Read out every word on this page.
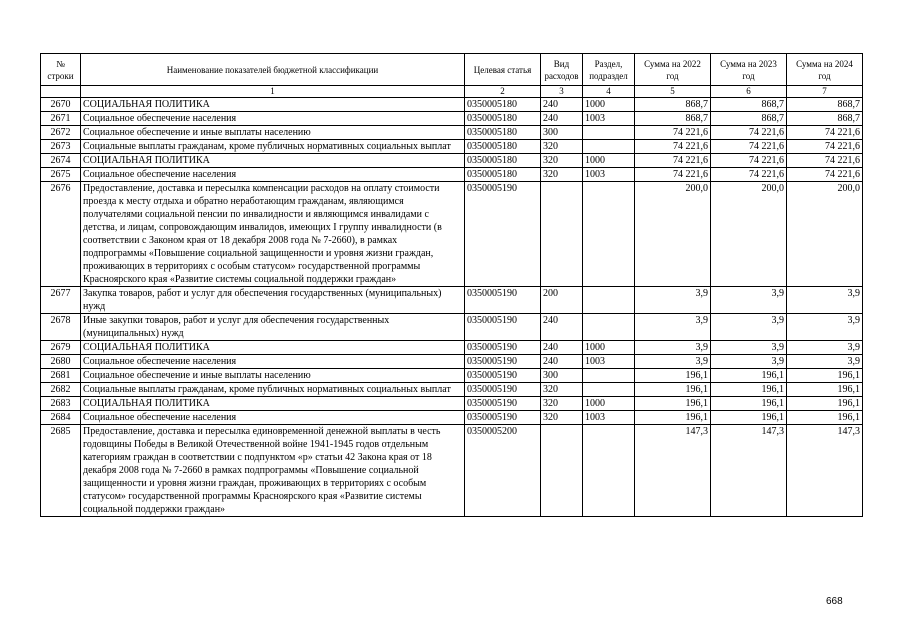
№ строки	Наименование показателей бюджетной классификации	Целевая статья	Вид расходов	Раздел, подраздел	Сумма на 2022 год	Сумма на 2023 год	Сумма на 2024 год
	1	2	3	4	5	6	7
2670	СОЦИАЛЬНАЯ ПОЛИТИКА	0350005180	240	1000	868,7	868,7	868,7
2671	Социальное обеспечение населения	0350005180	240	1003	868,7	868,7	868,7
2672	Социальное обеспечение и иные выплаты населению	0350005180	300		74 221,6	74 221,6	74 221,6
2673	Социальные выплаты гражданам, кроме публичных нормативных социальных выплат	0350005180	320		74 221,6	74 221,6	74 221,6
2674	СОЦИАЛЬНАЯ ПОЛИТИКА	0350005180	320	1000	74 221,6	74 221,6	74 221,6
2675	Социальное обеспечение населения	0350005180	320	1003	74 221,6	74 221,6	74 221,6
2676	Предоставление, доставка и пересылка компенсации расходов на оплату стоимости проезда к месту отдыха и обратно неработающим гражданам, являющимся получателями социальной пенсии по инвалидности и являющимся инвалидами с детства, и лицам, сопровождающим инвалидов, имеющих I группу инвалидности (в соответствии с Законом края от 18 декабря 2008 года № 7-2660), в рамках подпрограммы «Повышение социальной защищенности и уровня жизни граждан, проживающих в территориях с особым статусом» государственной программы Красноярского края «Развитие системы социальной поддержки граждан»	0350005190			200,0	200,0	200,0
2677	Закупка товаров, работ и услуг для обеспечения государственных (муниципальных) нужд	0350005190	200		3,9	3,9	3,9
2678	Иные закупки товаров, работ и услуг для обеспечения государственных (муниципальных) нужд	0350005190	240		3,9	3,9	3,9
2679	СОЦИАЛЬНАЯ ПОЛИТИКА	0350005190	240	1000	3,9	3,9	3,9
2680	Социальное обеспечение населения	0350005190	240	1003	3,9	3,9	3,9
2681	Социальное обеспечение и иные выплаты населению	0350005190	300		196,1	196,1	196,1
2682	Социальные выплаты гражданам, кроме публичных нормативных социальных выплат	0350005190	320		196,1	196,1	196,1
2683	СОЦИАЛЬНАЯ ПОЛИТИКА	0350005190	320	1000	196,1	196,1	196,1
2684	Социальное обеспечение населения	0350005190	320	1003	196,1	196,1	196,1
2685	Предоставление, доставка и пересылка единовременной денежной выплаты в честь годовщины Победы в Великой Отечественной войне 1941-1945 годов отдельным категориям граждан в соответствии с подпунктом «р» статьи 42 Закона края от 18 декабря 2008 года № 7-2660 в рамках подпрограммы «Повышение социальной защищенности и уровня жизни граждан, проживающих в территориях с особым статусом» государственной программы Красноярского края «Развитие системы социальной поддержки граждан»	0350005200			147,3	147,3	147,3
668
